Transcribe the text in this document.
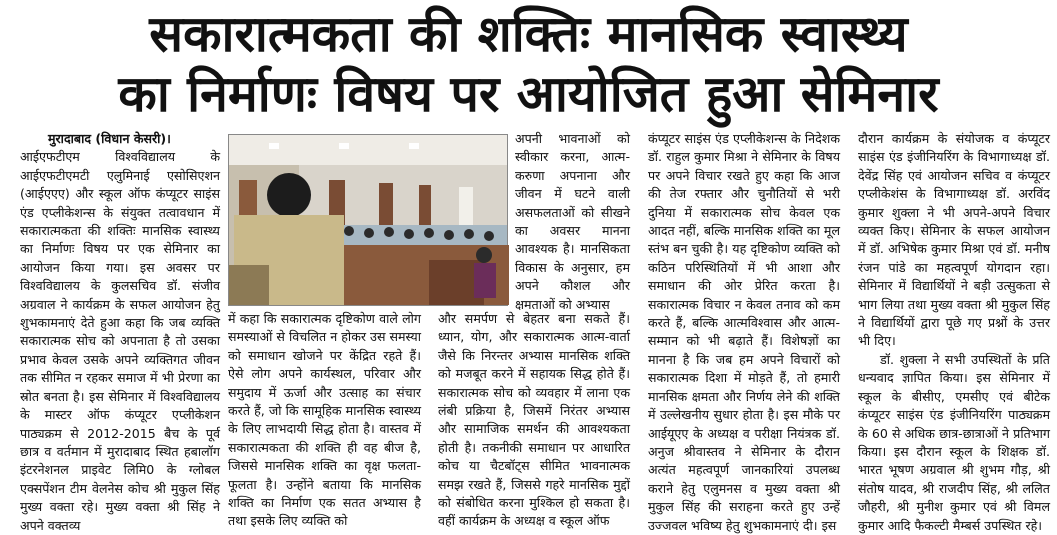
सकारात्मकता की शक्तिः मानसिक स्वास्थ्य
का निर्माणः विषय पर आयोजित हुआ सेमिनार

मुरादाबाद (विधान केसरी)।

आईएफटीएम विश्वविद्यालय के आईएफटीएमटी एलुमिनाई एसोसिएशन (आईएएए) और स्कूल ऑफ कंप्यूटर साइंस एंड एप्लीकेशन्स के संयुक्त तत्वावधान में सकारात्मकता की शक्तिः मानसिक स्वास्थ्य का निर्माणः विषय पर एक सेमिनार का आयोजन किया गया। इस अवसर पर विश्वविद्यालय के कुलसचिव डॉ. संजीव अग्रवाल ने कार्यक्रम के सफल आयोजन हेतु शुभकामनाएं देते हुआ कहा कि जब व्यक्ति सकारात्मक सोच को अपनाता है तो उसका प्रभाव केवल उसके अपने व्यक्तिगत जीवन तक सीमित न रहकर समाज में भी प्रेरणा का स्रोत बनता है। इस सेमिनार में विश्वविद्यालय के मास्टर ऑफ कंप्यूटर एप्लीकेशन पाठ्यक्रम से 2012-2015 बैच के पूर्व छात्र व वर्तमान में मुरादाबाद स्थित हबालॉग इंटरनेशनल प्राइवेट लिमि0 के ग्लोबल एक्सपेंशन टीम वेलनेस कोच श्री मुकुल सिंह मुख्य वक्ता रहे। मुख्य वक्ता श्री सिंह ने अपने वक्तव्य

अपनी भावनाओं को स्वीकार करना, आत्म-करुणा अपनाना और जीवन में घटने वाली असफलताओं को सीखने का अवसर मानना आवश्यक है। मानसिकता विकास के अनुसार, हम अपने कौशल और क्षमताओं को अभ्यास

में कहा कि सकारात्मक दृष्टिकोण वाले लोग समस्याओं से विचलित न होकर उस समस्या को समाधान खोजने पर केंद्रित रहते हैं। ऐसे लोग अपने कार्यस्थल, परिवार और समुदाय में ऊर्जा और उत्साह का संचार करते हैं, जो कि सामूहिक मानसिक स्वास्थ्य के लिए लाभदायी सिद्ध होता है। वास्तव में सकारात्मकता की शक्ति ही वह बीज है, जिससे मानसिक शक्ति का वृक्ष फलता-फूलता है। उन्होंने बताया कि मानसिक शक्ति का निर्माण एक सतत अभ्यास है तथा इसके लिए व्यक्ति को

और समर्पण से बेहतर बना सकते हैं। ध्यान, योग, और सकारात्मक आत्म-वार्ता जैसे कि निरन्तर अभ्यास मानसिक शक्ति को मजबूत करने में सहायक सिद्ध होते हैं। सकारात्मक सोच को व्यवहार में लाना एक लंबी प्रक्रिया है, जिसमें निरंतर अभ्यास और सामाजिक समर्थन की आवश्यकता होती है। तकनीकी समाधान पर आधारित कोच या चैटबॉट्स सीमित भावनात्मक समझ रखते हैं, जिससे गहरे मानसिक मुद्दों को संबोधित करना मुश्किल हो सकता है। वहीं कार्यक्रम के अध्यक्ष व स्कूल ऑफ

कंप्यूटर साइंस एंड एप्लीकेशन्स के निदेशक डॉ. राहुल कुमार मिश्रा ने सेमिनार के विषय पर अपने विचार रखते हुए कहा कि आज की तेज रफ्तार और चुनौतियों से भरी दुनिया में सकारात्मक सोच केवल एक आदत नहीं, बल्कि मानसिक शक्ति का मूल स्तंभ बन चुकी है। यह दृष्टिकोण व्यक्ति को कठिन परिस्थितियों में भी आशा और समाधान की ओर प्रेरित करता है। सकारात्मक विचार न केवल तनाव को कम करते हैं, बल्कि आत्मविश्वास और आत्म-सम्मान को भी बढ़ाते हैं। विशेषज्ञों का मानना है कि जब हम अपने विचारों को सकारात्मक दिशा में मोड़ते हैं, तो हमारी मानसिक क्षमता और निर्णय लेने की शक्ति में उल्लेखनीय सुधार होता है। इस मौके पर आईयूएए के अध्यक्ष व परीक्षा नियंत्रक डॉ. अनुज श्रीवास्तव ने सेमिनार के दौरान अत्यंत महत्वपूर्ण जानकारियां उपलब्ध कराने हेतु एलुमनस व मुख्य वक्ता श्री मुकुल सिंह की सराहना करते हुए उन्हें उज्जवल भविष्य हेतु शुभकामनाएं दी। इस

दौरान कार्यक्रम के संयोजक व कंप्यूटर साइंस एंड इंजीनियरिंग के विभागाध्यक्ष डॉ. देवेंद्र सिंह एवं आयोजन सचिव व कंप्यूटर एप्लीकेशंस के विभागाध्यक्ष डॉ. अरविंद कुमार शुक्ला ने भी अपने-अपने विचार व्यक्त किए। सेमिनार के सफल आयोजन में डॉ. अभिषेक कुमार मिश्रा एवं डॉ. मनीष रंजन पांडे का महत्वपूर्ण योगदान रहा। सेमिनार में विद्यार्थियों ने बड़ी उत्सुकता से भाग लिया तथा मुख्य वक्ता श्री मुकुल सिंह ने विद्यार्थियों द्वारा पूछे गए प्रश्नों के उत्तर भी दिए।

डॉ. शुक्ला ने सभी उपस्थितों के प्रति धन्यवाद ज्ञापित किया। इस सेमिनार में स्कूल के बीसीए, एमसीए एवं बीटेक कंप्यूटर साइंस एंड इंजीनियरिंग पाठ्यक्रम के 60 से अधिक छात्र-छात्राओं ने प्रतिभाग किया। इस दौरान स्कूल के शिक्षक डॉ. भारत भूषण अग्रवाल श्री शुभम गौड़, श्री संतोष यादव, श्री राजदीप सिंह, श्री ललित जौहरी, श्री मुनीश कुमार एवं श्री विमल कुमार आदि फैकल्टी मैम्बर्स उपस्थित रहे।
